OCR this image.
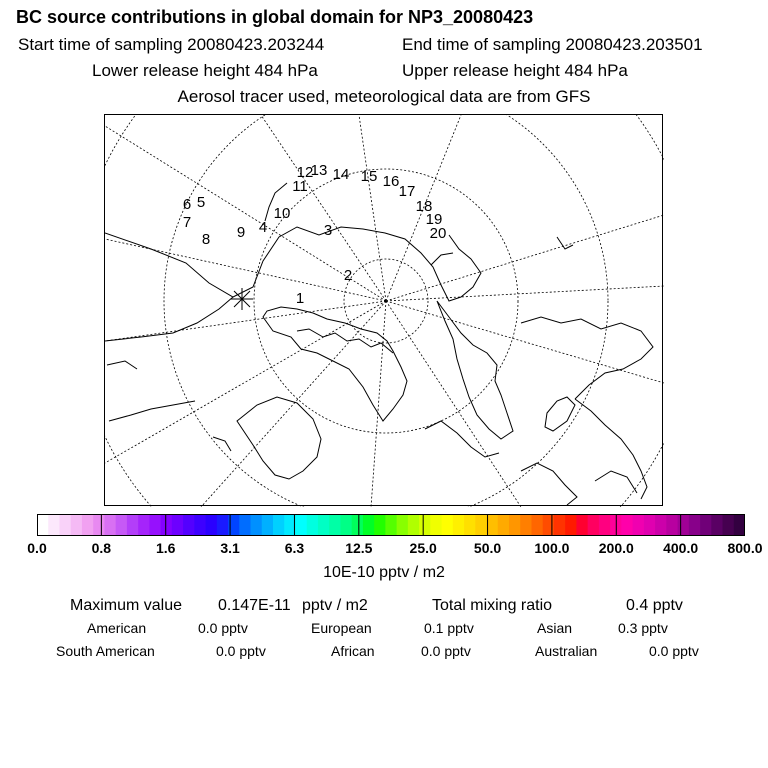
BC source contributions in global domain for NP3_20080423
Start time of sampling 20080423.203244	End time of sampling 20080423.203501
Lower release height 484 hPa	Upper release height 484 hPa
Aerosol tracer used, meteorological data are from GFS
1
2
3
4
5
6
7
8 9
10
11
12
13 14 15 16
17
18
19
20
0.0	0.8	1.6	3.1	6.3	12.5	25.0	50.0 100.0 200.0 400.0 800.0
10E-10 pptv / m2
Maximum value 0.147E-11 pptv / m2	Total mixing ratio	0.4 pptv
American	0.0 pptv	European	0.1 pptv	Asian	0.3 pptv
South American	0.0 pptv	African	0.0 pptv	Australian	0.0 pptv
